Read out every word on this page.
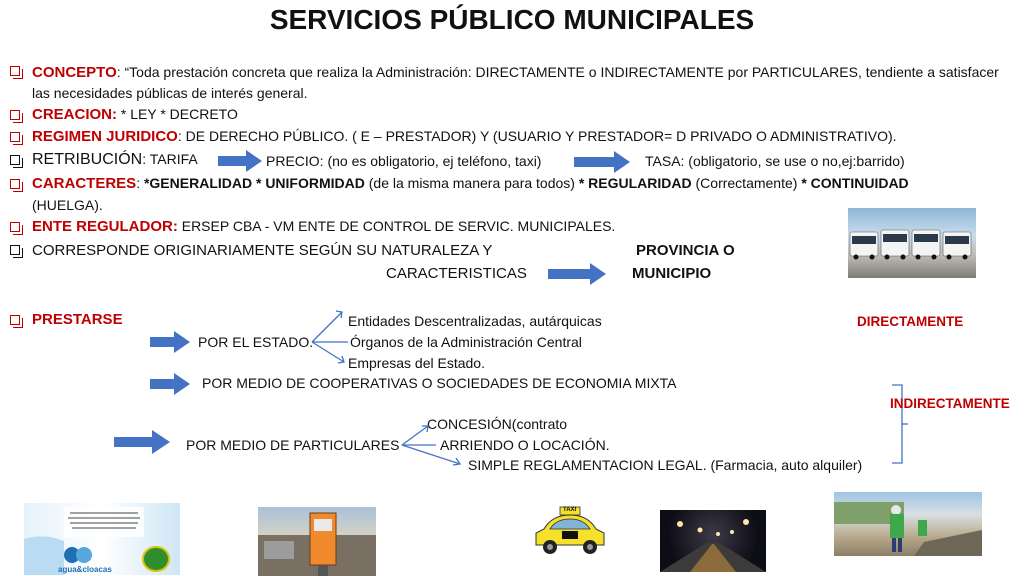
SERVICIOS PÚBLICO MUNICIPALES
CONCEPTO: “Toda prestación concreta que realiza la Administración: DIRECTAMENTE o INDIRECTAMENTE por PARTICULARES, tendiente a satisfacer las necesidades públicas de interés general.
CREACION: * LEY * DECRETO
REGIMEN JURIDICO: DE DERECHO PÚBLICO. ( E – PRESTADOR) Y (USUARIO Y PRESTADOR= D PRIVADO O ADMINISTRATIVO).
RETRIBUCIÓN: TARIFA	PRECIO: (no es obligatorio, ej teléfono, taxi)	TASA: (obligatorio, se use o no,ej:barrido)
CARACTERES: *GENERALIDAD * UNIFORMIDAD (de la misma manera para todos) * REGULARIDAD (Correctamente) * CONTINUIDAD
(HUELGA).
ENTE REGULADOR: ERSEP CBA - VM ENTE DE CONTROL DE SERVIC. MUNICIPALES.
CORRESPONDE ORIGINARIAMENTE SEGÚN SU NATURALEZA Y	PROVINCIA O
CARACTERISTICAS	MUNICIPIO
PRESTARSE	Entidades Descentralizadas, autárquicas	DIRECTAMENTE
POR EL ESTADO.	Órganos de la Administración Central
Empresas del Estado.
POR MEDIO DE COOPERATIVAS O SOCIEDADES DE ECONOMIA MIXTA
INDIRECTAMENTE
CONCESIÓN(contrato
POR MEDIO DE PARTICULARES	ARRIENDO O LOCACIÓN.
SIMPLE REGLAMENTACION LEGAL. (Farmacia, auto alquiler)
agua&cloacas
TAXI
